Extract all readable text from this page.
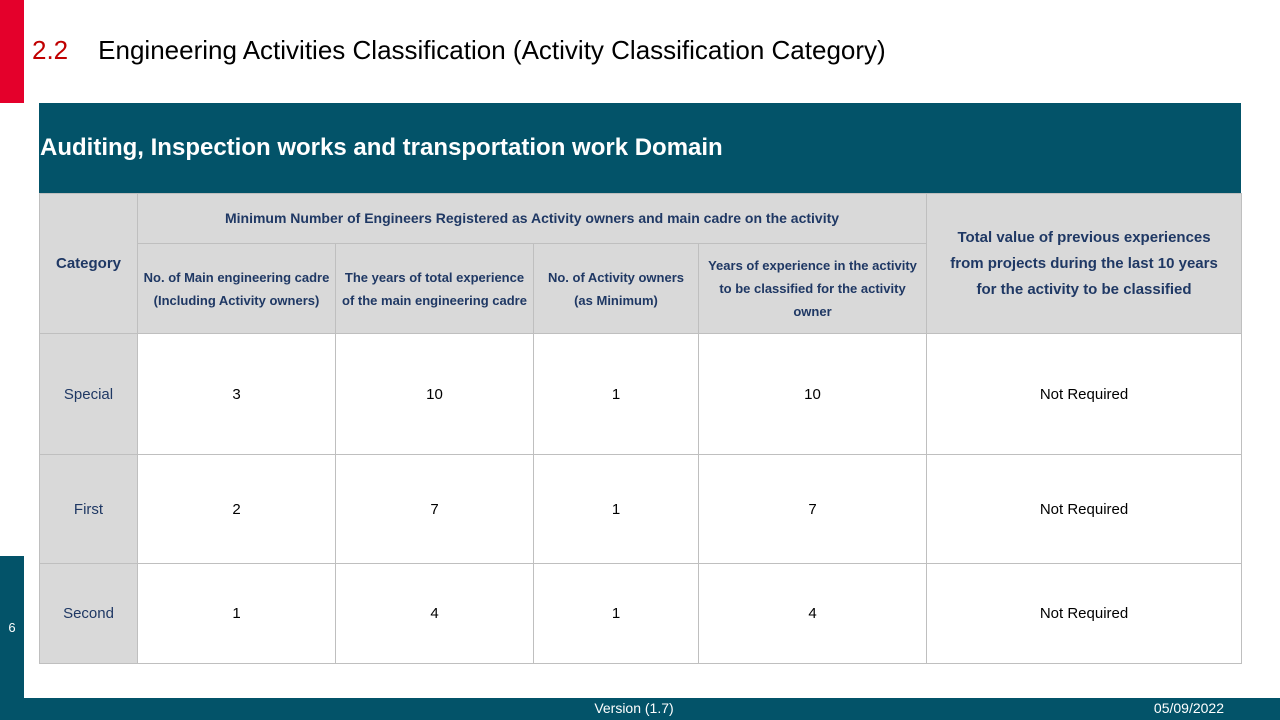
6
2.2 Engineering Activities Classification (Activity Classification Category)
Auditing, Inspection works and transportation work Domain
Category	Minimum Number of Engineers Registered as Activity owners and main cadre on the activity				Total value of previous experiences from projects during the last 10 years for the activity to be classified
	No. of Main engineering cadre (Including Activity owners)	The years of total experience of the main engineering cadre	No. of Activity owners (as Minimum)	Years of experience in the activity to be classified for the activity owner	
Special	3	10	1	10	Not Required
First	2	7	1	7	Not Required
Second	1	4	1	4	Not Required
Version (1.7)	05/09/2022
